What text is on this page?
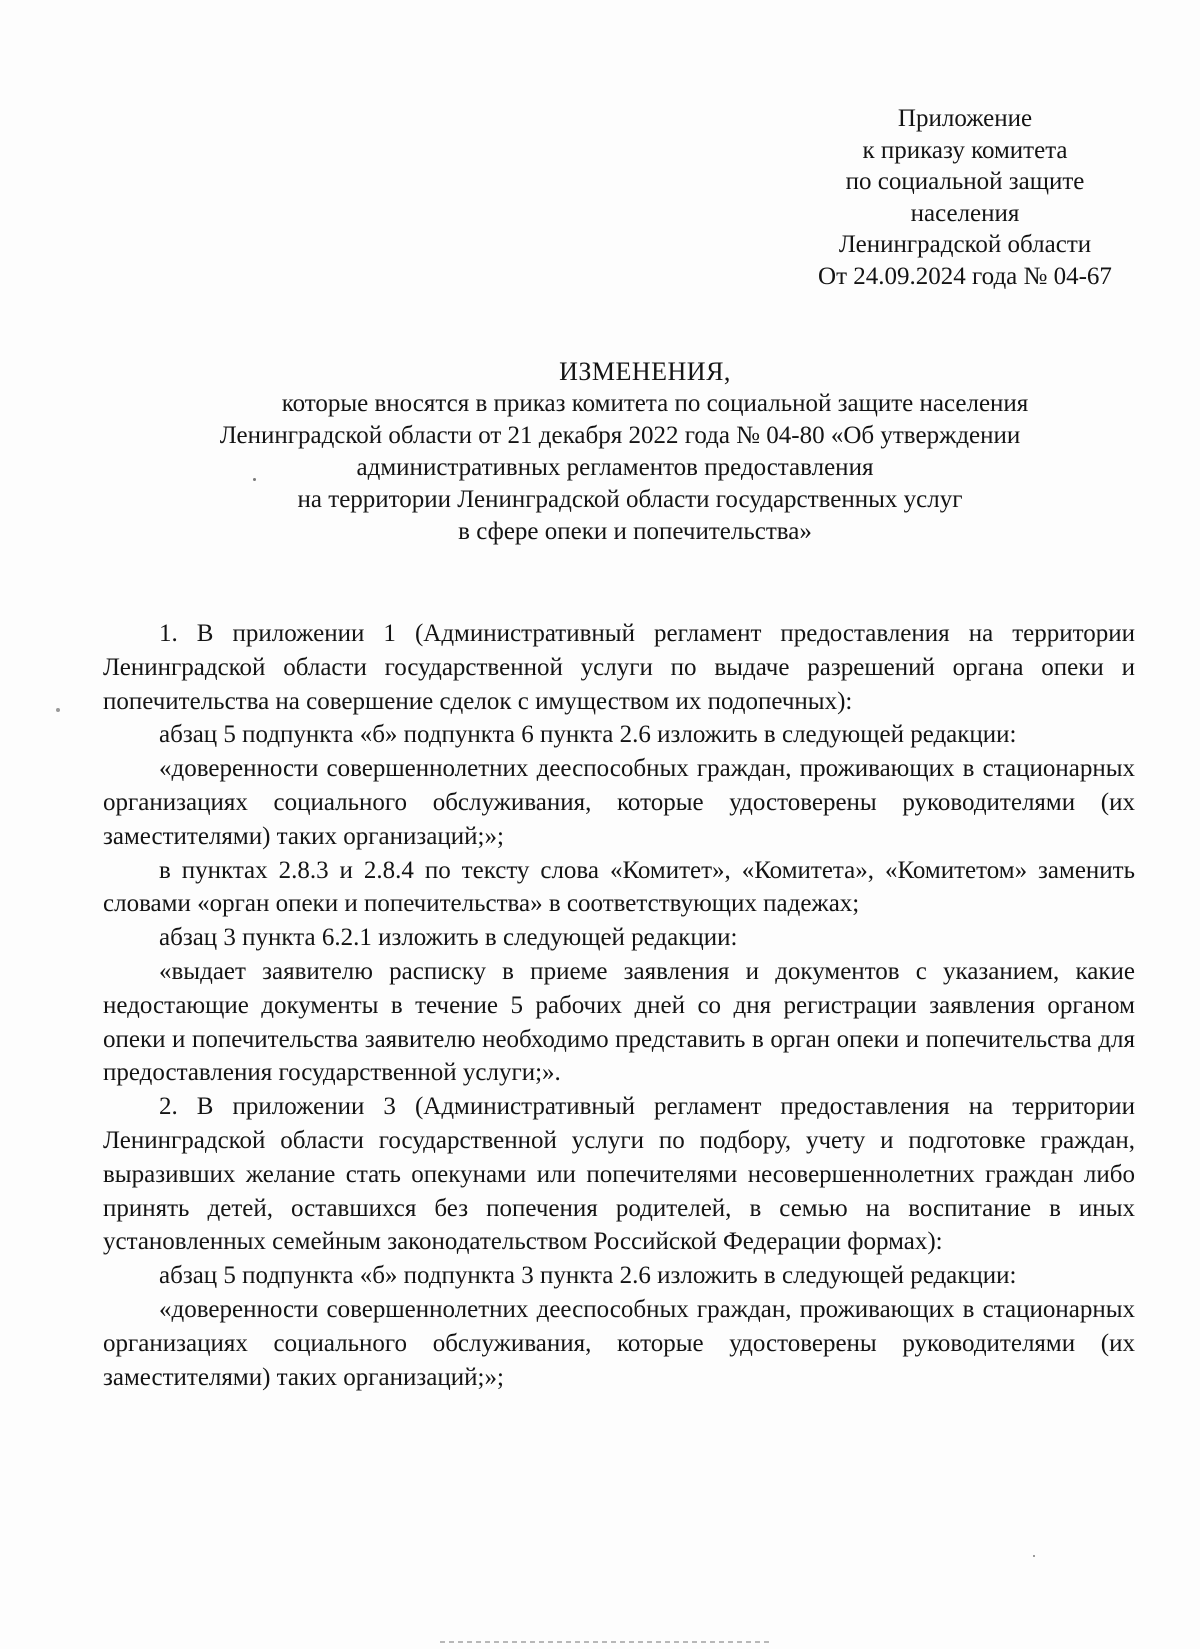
Приложение
к приказу комитета
по социальной защите
населения
Ленинградской области
От 24.09.2024 года № 04-67
ИЗМЕНЕНИЯ,
которые вносятся в приказ комитета по социальной защите населения
Ленинградской области от 21 декабря 2022 года № 04-80 «Об утверждении
административных регламентов предоставления
на территории Ленинградской области государственных услуг
в сфере опеки и попечительства»

1. В приложении 1 (Административный регламент предоставления на территории Ленинградской области государственной услуги по выдаче разрешений органа опеки и попечительства на совершение сделок с имуществом их подопечных):

абзац 5 подпункта «б» подпункта 6 пункта 2.6 изложить в следующей редакции:

«доверенности совершеннолетних дееспособных граждан, проживающих в стационарных организациях социального обслуживания, которые удостоверены руководителями (их заместителями) таких организаций;»;

в пунктах 2.8.3 и 2.8.4 по тексту слова «Комитет», «Комитета», «Комитетом» заменить словами «орган опеки и попечительства» в соответствующих падежах;

абзац 3 пункта 6.2.1 изложить в следующей редакции:

«выдает заявителю расписку в приеме заявления и документов с указанием, какие недостающие документы в течение 5 рабочих дней со дня регистрации заявления органом опеки и попечительства заявителю необходимо представить в орган опеки и попечительства для предоставления государственной услуги;».

2. В приложении 3 (Административный регламент предоставления на территории Ленинградской области государственной услуги по подбору, учету и подготовке граждан, выразивших желание стать опекунами или попечителями несовершеннолетних граждан либо принять детей, оставшихся без попечения родителей, в семью на воспитание в иных установленных семейным законодательством Российской Федерации формах):

абзац 5 подпункта «б» подпункта 3 пункта 2.6 изложить в следующей редакции:

«доверенности совершеннолетних дееспособных граждан, проживающих в стационарных организациях социального обслуживания, которые удостоверены руководителями (их заместителями) таких организаций;»;
